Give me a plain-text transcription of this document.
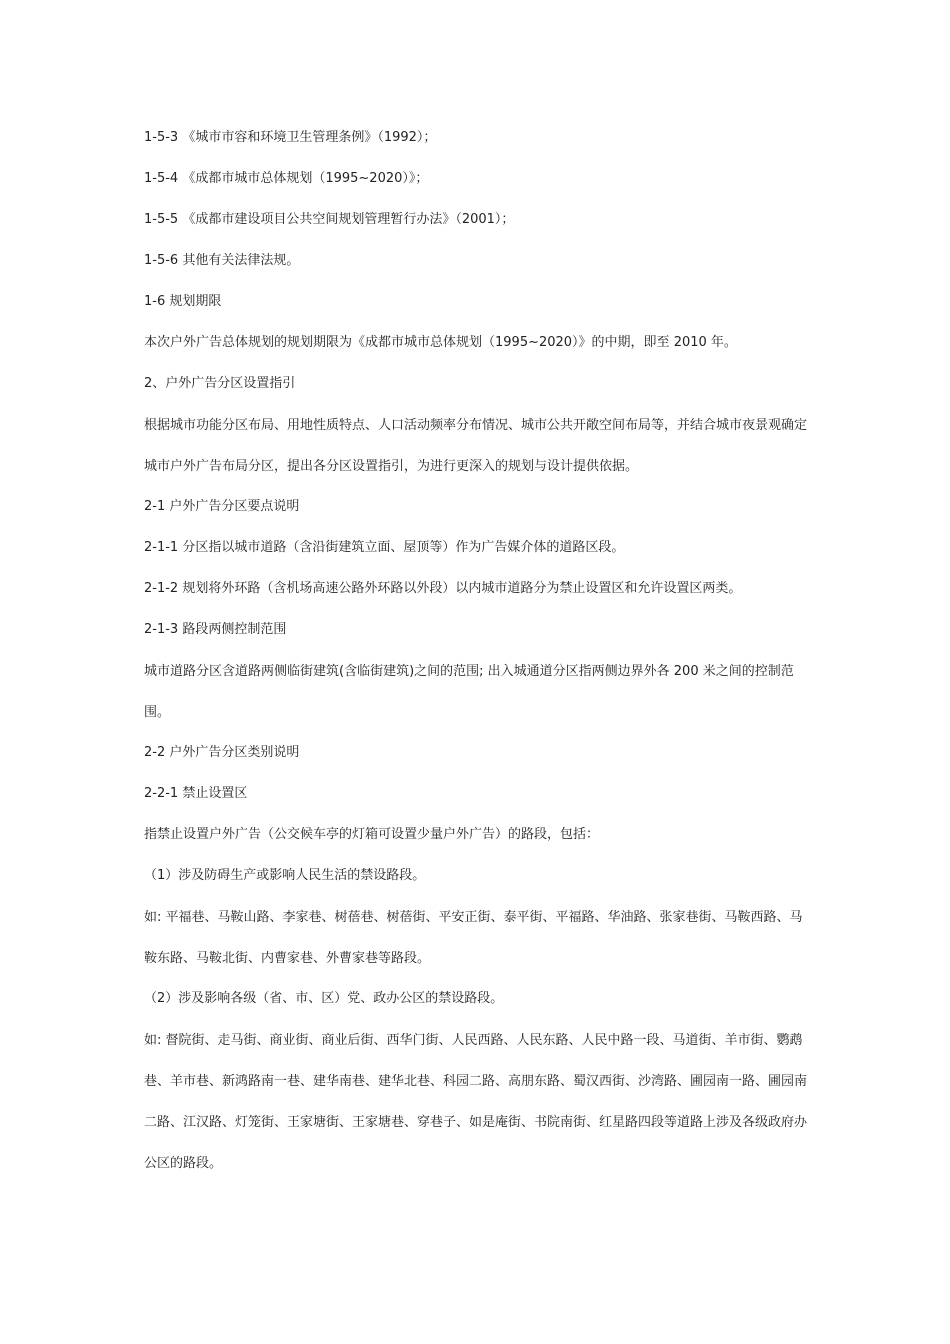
1-5-3 《城市市容和环境卫生管理条例》（1992）；
1-5-4 《成都市城市总体规划（1995~2020）》；
1-5-5 《成都市建设项目公共空间规划管理暂行办法》（2001）；
1-5-6 其他有关法律法规。
1-6 规划期限
本次户外广告总体规划的规划期限为《成都市城市总体规划（1995~2020）》的中期，即至 2010 年。
2、户外广告分区设置指引
根据城市功能分区布局、用地性质特点、人口活动频率分布情况、城市公共开敞空间布局等，并结合城市夜景观确定城市户外广告布局分区，提出各分区设置指引，为进行更深入的规划与设计提供依据。
2-1 户外广告分区要点说明
2-1-1 分区指以城市道路（含沿街建筑立面、屋顶等）作为广告媒介体的道路区段。
2-1-2 规划将外环路（含机场高速公路外环路以外段）以内城市道路分为禁止设置区和允许设置区两类。
2-1-3 路段两侧控制范围
城市道路分区含道路两侧临街建筑(含临街建筑)之间的范围; 出入城通道分区指两侧边界外各 200 米之间的控制范围。
2-2 户外广告分区类别说明
2-2-1 禁止设置区
指禁止设置户外广告（公交候车亭的灯箱可设置少量户外广告）的路段，包括：
（1）涉及防碍生产或影响人民生活的禁设路段。
如: 平福巷、马鞍山路、李家巷、树蓓巷、树蓓街、平安正街、泰平街、平福路、华油路、张家巷街、马鞍西路、马鞍东路、马鞍北街、内曹家巷、外曹家巷等路段。
（2）涉及影响各级（省、市、区）党、政办公区的禁设路段。
如: 督院街、走马街、商业街、商业后街、西华门街、人民西路、人民东路、人民中路一段、马道街、羊市街、鹦鹉巷、羊市巷、新鸿路南一巷、建华南巷、建华北巷、科园二路、高朋东路、蜀汉西街、沙湾路、圃园南一路、圃园南二路、江汉路、灯笼街、王家塘街、王家塘巷、穿巷子、如是庵街、书院南街、红星路四段等道路上涉及各级政府办公区的路段。
